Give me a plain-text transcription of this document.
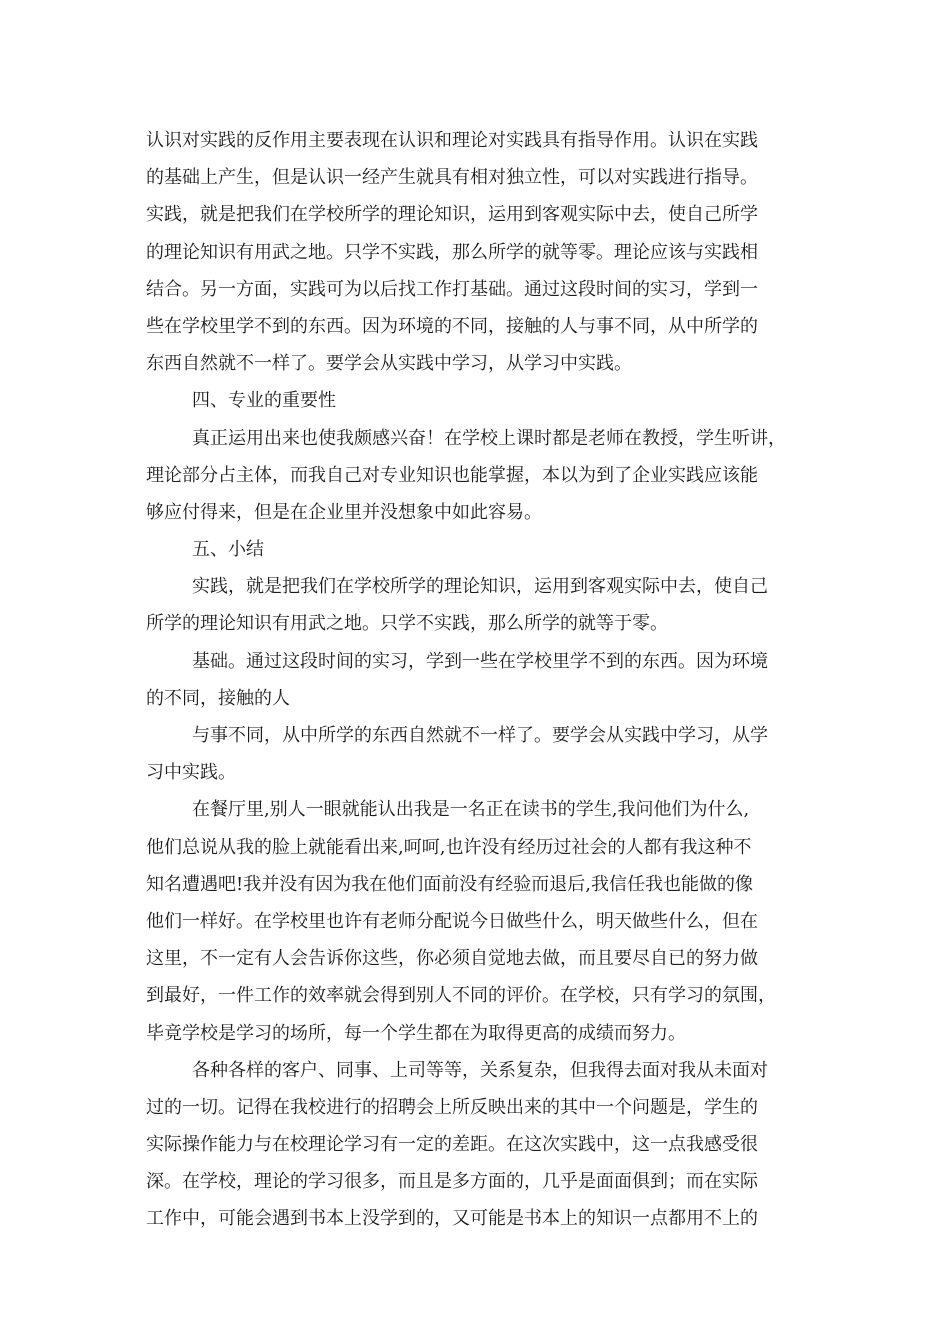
认识对实践的反作用主要表现在认识和理论对实践具有指导作用。认识在实践
的基础上产生，但是认识一经产生就具有相对独立性，可以对实践进行指导。
实践，就是把我们在学校所学的理论知识，运用到客观实际中去，使自己所学
的理论知识有用武之地。只学不实践，那么所学的就等零。理论应该与实践相
结合。另一方面，实践可为以后找工作打基础。通过这段时间的实习，学到一
些在学校里学不到的东西。因为环境的不同，接触的人与事不同，从中所学的
东西自然就不一样了。要学会从实践中学习，从学习中实践。
四、专业的重要性
真正运用出来也使我颇感兴奋！在学校上课时都是老师在教授，学生听讲，
理论部分占主体，而我自己对专业知识也能掌握，本以为到了企业实践应该能
够应付得来，但是在企业里并没想象中如此容易。
五、小结
实践，就是把我们在学校所学的理论知识，运用到客观实际中去，使自己
所学的理论知识有用武之地。只学不实践，那么所学的就等于零。
基础。通过这段时间的实习，学到一些在学校里学不到的东西。因为环境
的不同，接触的人
与事不同，从中所学的东西自然就不一样了。要学会从实践中学习，从学
习中实践。
在餐厅里,别人一眼就能认出我是一名正在读书的学生,我问他们为什么,
他们总说从我的脸上就能看出来,呵呵,也许没有经历过社会的人都有我这种不
知名遭遇吧!我并没有因为我在他们面前没有经验而退后,我信任我也能做的像
他们一样好。在学校里也许有老师分配说今日做些什么，明天做些什么，但在
这里，不一定有人会告诉你这些，你必须自觉地去做，而且要尽自已的努力做
到最好，一件工作的效率就会得到别人不同的评价。在学校，只有学习的氛围，
毕竟学校是学习的场所，每一个学生都在为取得更高的成绩而努力。
各种各样的客户、同事、上司等等，关系复杂，但我得去面对我从未面对
过的一切。记得在我校进行的招聘会上所反映出来的其中一个问题是，学生的
实际操作能力与在校理论学习有一定的差距。在这次实践中，这一点我感受很
深。在学校，理论的学习很多，而且是多方面的，几乎是面面俱到；而在实际
工作中，可能会遇到书本上没学到的，又可能是书本上的知识一点都用不上的
